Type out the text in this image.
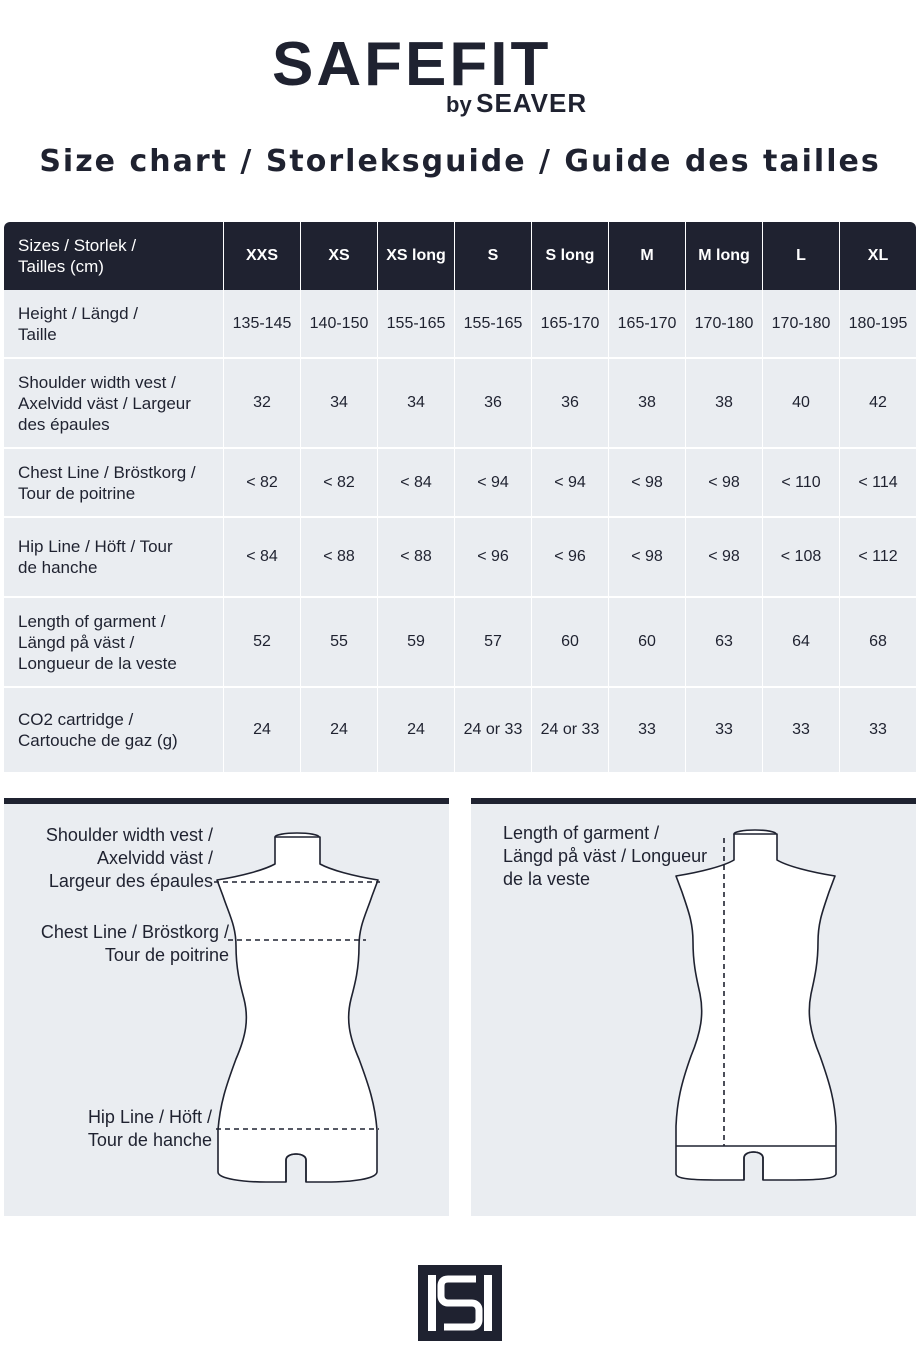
SAFEFIT
by SEAVER
Size chart / Storleksguide / Guide des tailles
Sizes / Storlek /
Tailles (cm)	XXS	XS	XS long	S	S long	M	M long	L	XL

Height / Längd /
Taille	135-145	140-150	155-165	155-165	165-170	165-170	170-180	170-180	180-195

Shoulder width vest /
Axelvidd väst / Largeur
des épaules	32	34	34	36	36	38	38	40	42

Chest Line / Bröstkorg /
Tour de poitrine	< 82	< 82	< 84	< 94	< 94	< 98	< 98	< 110	< 114

Hip Line / Höft / Tour
de hanche	< 84	< 88	< 88	< 96	< 96	< 98	< 98	< 108	< 112

Length of garment /
Längd på väst /
Longueur de la veste	52	55	59	57	60	60	63	64	68

CO2 cartridge /
Cartouche de gaz (g)	24	24	24	24 or 33	24 or 33	33	33	33	33
Shoulder width vest /
Axelvidd väst /
Largeur des épaules
Chest Line / Bröstkorg /
Tour de poitrine
Hip Line / Höft /
Tour de hanche
Length of garment /
Längd på väst / Longueur
de la veste
